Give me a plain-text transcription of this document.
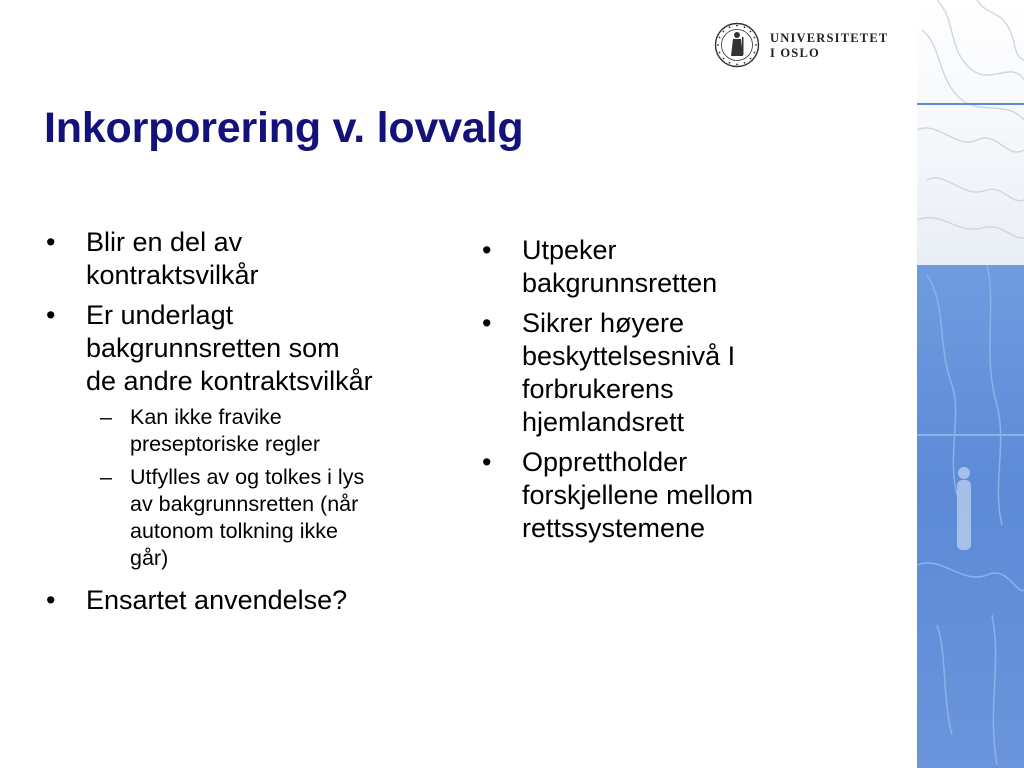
UNIVERSITETET
I OSLO
Inkorporering v. lovvalg
• Blir en del av
kontraktsvilkår
• Er underlagt
bakgrunnsretten som
de andre kontraktsvilkår
– Kan ikke fravike
preseptoriske regler
– Utfylles av og tolkes i lys
av bakgrunnsretten (når
autonom tolkning ikke
går)
• Ensartet anvendelse?
• Utpeker
bakgrunnsretten
• Sikrer høyere
beskyttelsesnivå I
forbrukerens
hjemlandsrett
• Opprettholder
forskjellene mellom
rettssystemene
